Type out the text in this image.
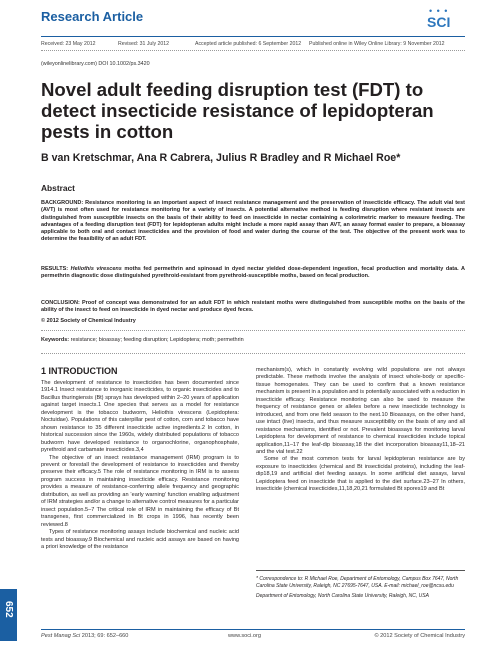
Research Article	• • •
SCI
Received: 23 May 2012	Revised: 31 July 2012	Accepted article published: 6 September 2012 Published online in Wiley Online Library: 9 November 2012
(wileyonlinelibrary.com) DOI 10.1002/ps.3420
Novel adult feeding disruption test (FDT) to detect insecticide resistance of lepidopteran pests in cotton
B van Kretschmar, Ana R Cabrera, Julius R Bradley and R Michael Roe*
Abstract

BACKGROUND: Resistance monitoring is an important aspect of insect resistance management and the preservation of insecticide efficacy. The adult vial test (AVT) is most often used for resistance monitoring for a variety of insects. A potential alternative method is feeding disruption where resistant insects are distinguished from susceptible insects on the basis of their ability to feed on insecticide in nectar containing a colorimetric marker to measure feeding. The advantages of a feeding disruption test (FDT) for lepidopteran adults might include a more rapid assay than AVT, an assay format easier to prepare, a bioassay applicable to both oral and contact insecticides and the provision of food and water during the course of the test. The objective of the present work was to determine the feasibility of an adult FDT.

RESULTS: Heliothis virescens moths fed permethrin and spinosad in dyed nectar yielded dose-dependent ingestion, fecal production and mortality data. A permethrin diagnostic dose distinguished pyrethroid-resistant from pyrethroid-susceptible moths, based on fecal production.

CONCLUSION: Proof of concept was demonstrated for an adult FDT in which resistant moths were distinguished from susceptible moths on the basis of the ability of the insect to feed on insecticide in dyed nectar and produce dyed feces.

© 2012 Society of Chemical Industry
Keywords: resistance; bioassay; feeding disruption; Lepidoptera; moth; permethrin
1 INTRODUCTION

The development of resistance to insecticides has been documented since 1914.1 Insect resistance to inorganic insecticides, to organic insecticides and to Bacillus thuringiensis (Bt) sprays has developed within 2–20 years of application against target insects.1 One species that serves as a model for resistance development is the tobacco budworm, Heliothis virescens (Lepidoptera: Noctuidae). Populations of this caterpillar pest of cotton, corn and tobacco have shown resistance to 35 different insecticide active ingredients.2 In cotton, in historical succession since the 1960s, widely distributed populations of tobacco budworm have developed resistance to organochlorine, organophosphate, pyrethroid and carbamate insecticides.3,4

The objective of an insect resistance management (IRM) program is to prevent or forestall the development of resistance to insecticides and thereby preserve their efficacy.5 The role of resistance monitoring in IRM is to assess program success in maintaining insecticide efficacy. Resistance monitoring provides a measure of resistance-conferring allele frequency and geographic distribution, as well as providing an ‘early warning’ function enabling adjustment of IRM strategies and/or a change to alternative control measures for a particular insect population.5–7 The critical role of IRM in maintaining the efficacy of Bt transgenes, first commercialized in Bt crops in 1996, has recently been reviewed.8

Types of resistance monitoring assays include biochemical and nucleic acid tests and bioassay.9 Biochemical and nucleic acid assays are based on having a priori knowledge of the resistance

mechanism(s), which in constantly evolving wild populations are not always predictable. These methods involve the analysis of insect whole-body or specific-tissue homogenates. They can be used to confirm that a known resistance mechanism is present in a population and is potentially associated with a reduction in insecticide efficacy. Resistance monitoring can also be used to measure the frequency of resistance genes or alleles before a new insecticide technology is introduced, and from one field season to the next.10 Bioassays, on the other hand, use intact (live) insects, and thus measure susceptibility on the basis of any and all resistance mechanisms, identified or not. Prevalent bioassays for monitoring larval Lepidoptera for development of resistance to chemical insecticides include topical application,11–17 the leaf-dip bioassay,18 the diet incorporation bioassay11,18–21 and the vial test.22

Some of the most common tests for larval lepidopteran resistance are by exposure to insecticides (chemical and Bt insecticidal proteins), including the leaf-dip18,19 and artificial diet feeding assays. In some artificial diet assays, larval Lepidoptera feed on insecticide that is applied to the diet surface.23–27 In others, insecticide (chemical insecticides,11,18,20,21 formulated Bt spores19 and Bt

* Correspondence to: R Michael Roe, Department of Entomology, Campus Box 7647, North Carolina State University, Raleigh, NC 27695-7647, USA. E-mail: michael_roe@ncsu.edu

Department of Entomology, North Carolina State University, Raleigh, NC, USA

652
Pest Manag Sci 2013; 69: 652–660	www.soci.org	© 2012 Society of Chemical Industry
